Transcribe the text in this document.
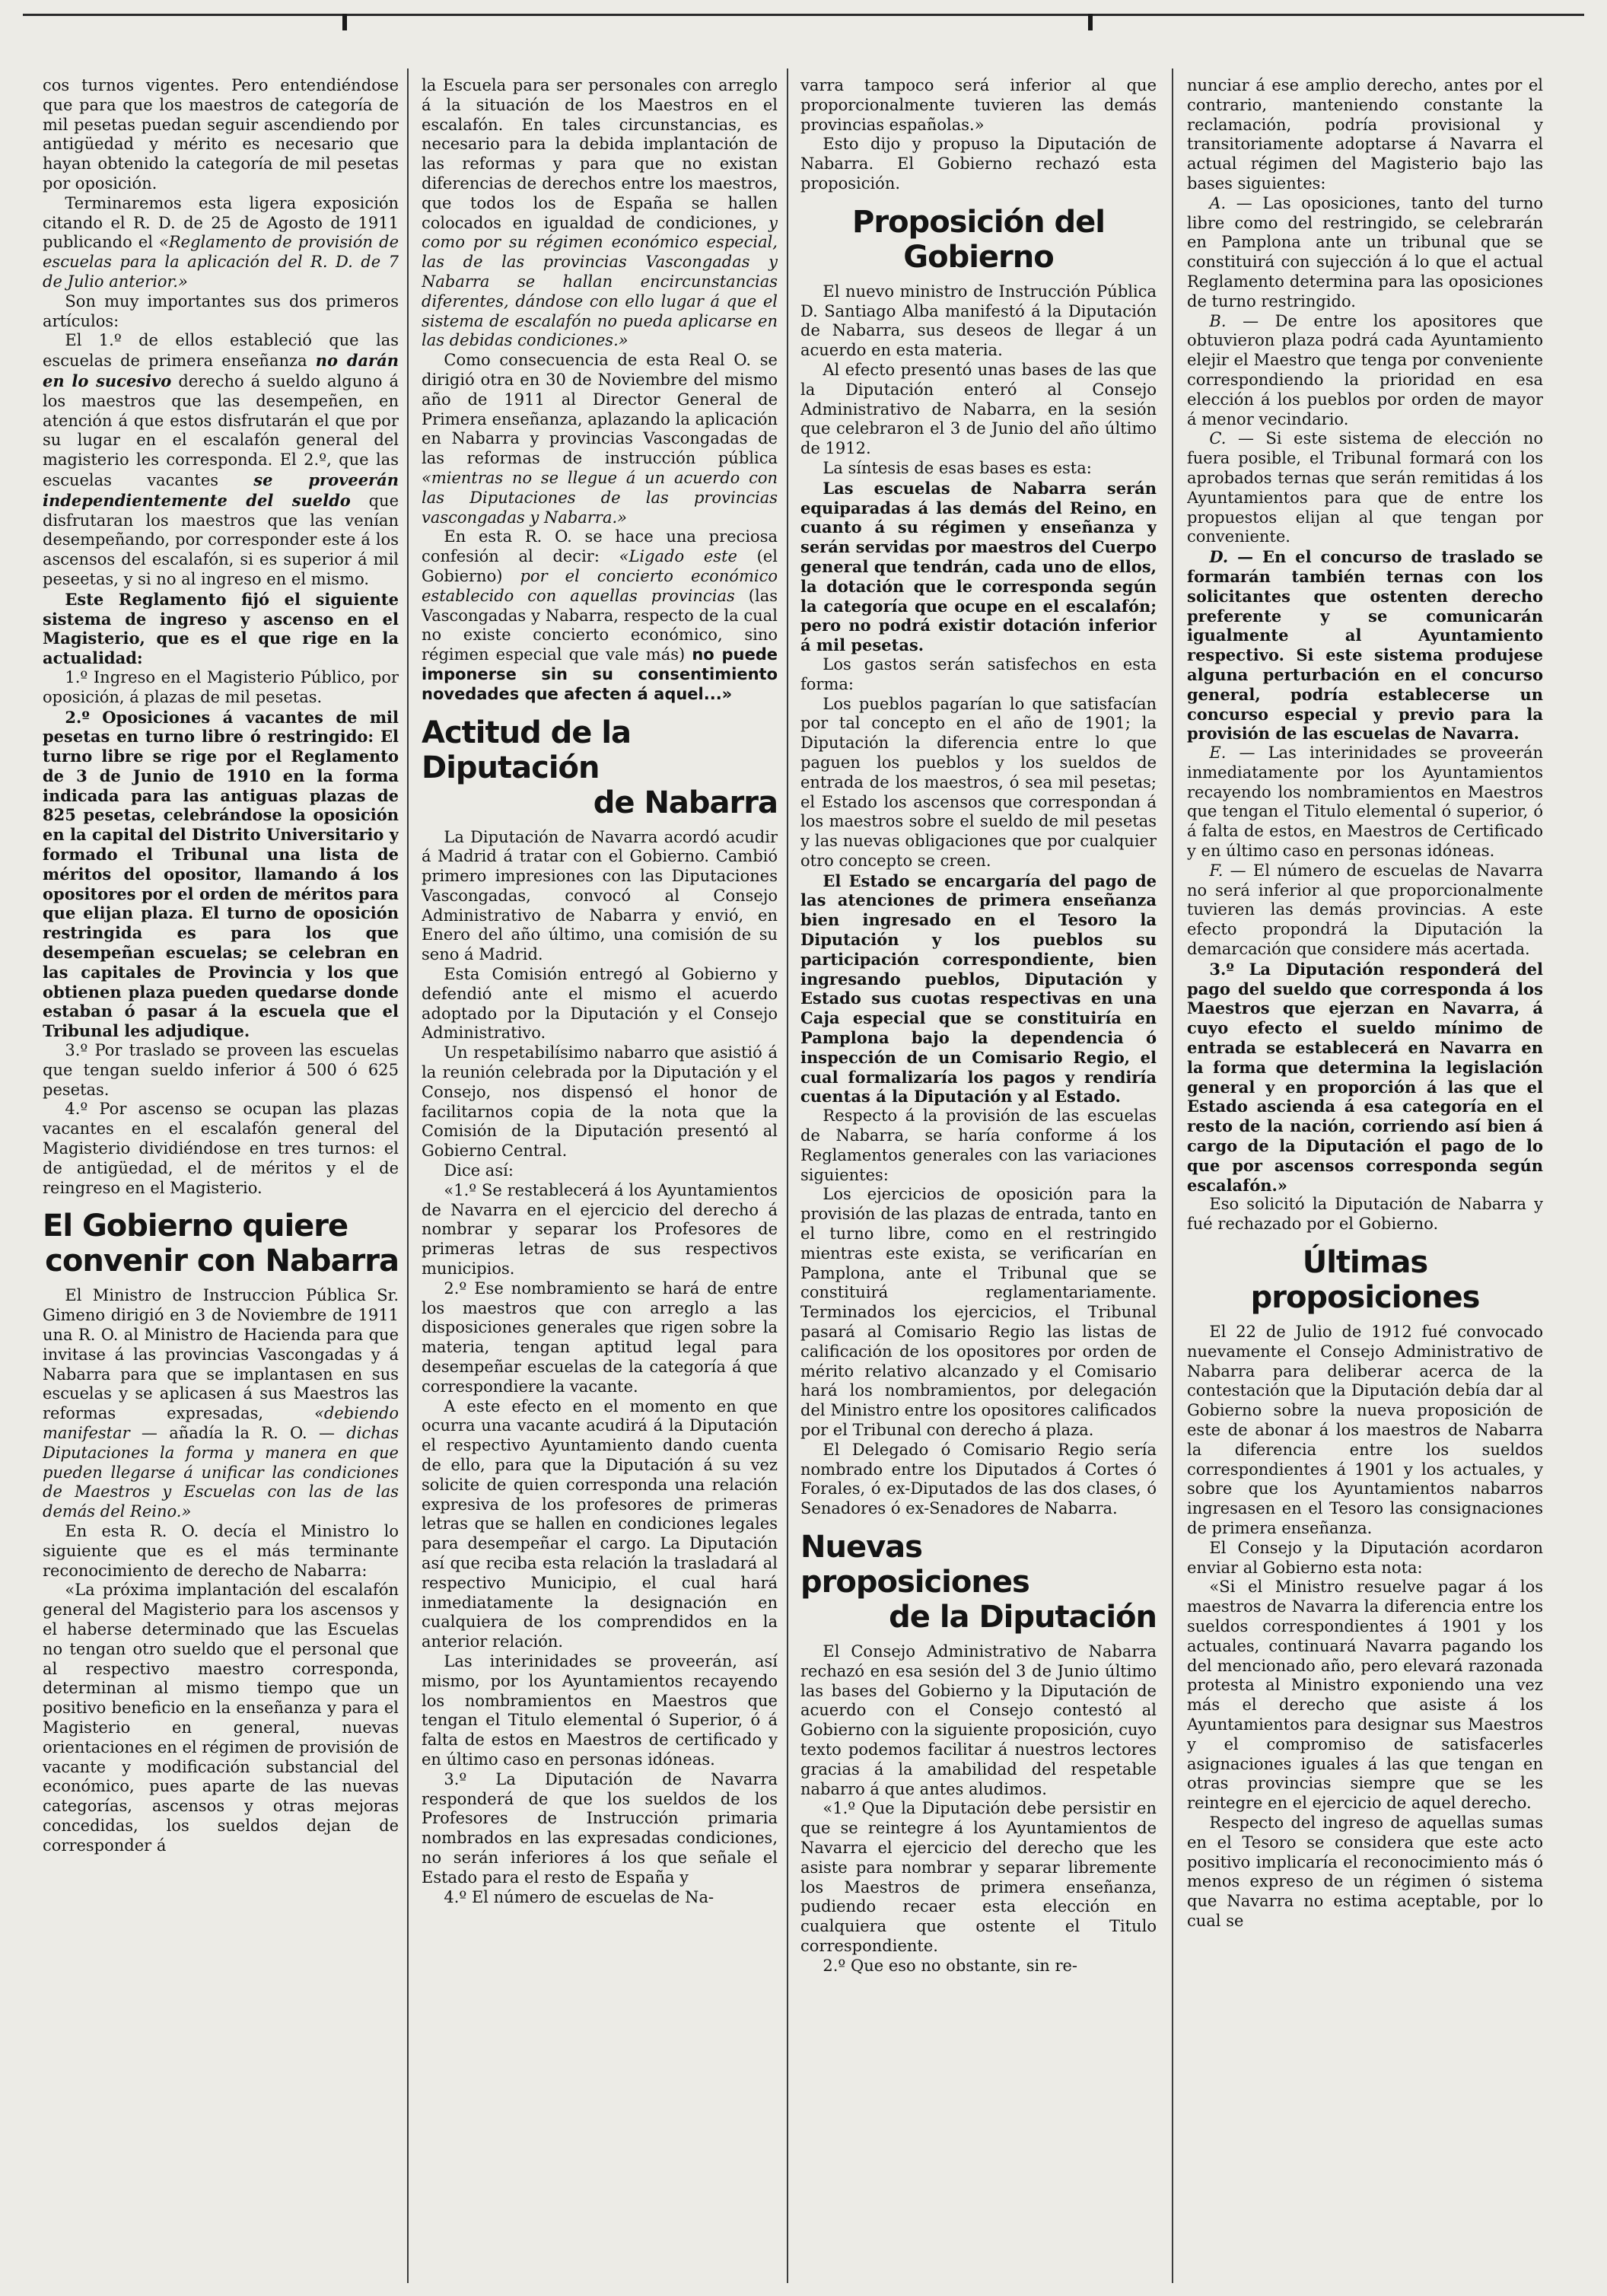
cos turnos vigentes. Pero entendiéndose que para que los maestros de categoría de mil pesetas puedan seguir ascendiendo por antigüedad y mérito es necesario que hayan obtenido la categoría de mil pesetas por oposición.

Terminaremos esta ligera exposición citando el R. D. de 25 de Agosto de 1911 publicando el «Reglamento de provisión de escuelas para la aplicación del R. D. de 7 de Julio anterior.»

Son muy importantes sus dos primeros artículos:

El 1.º de ellos estableció que las escuelas de primera enseñanza no darán en lo sucesivo derecho á sueldo alguno á los maestros que las desempeñen, en atención á que estos disfrutarán el que por su lugar en el escalafón general del magisterio les corresponda. El 2.º, que las escuelas vacantes se proveerán independientemente del sueldo que disfrutaran los maestros que las venían desempeñando, por corresponder este á los ascensos del escalafón, si es superior á mil peseetas, y si no al ingreso en el mismo.

Este Reglamento fijó el siguiente sistema de ingreso y ascenso en el Magisterio, que es el que rige en la actualidad:

1.º Ingreso en el Magisterio Público, por oposición, á plazas de mil pesetas.

2.º Oposiciones á vacantes de mil pesetas en turno libre ó restringido: El turno libre se rige por el Reglamento de 3 de Junio de 1910 en la forma indicada para las antiguas plazas de 825 pesetas, celebrándose la oposición en la capital del Distrito Universitario y formado el Tribunal una lista de méritos del opositor, llamando á los opositores por el orden de méritos para que elijan plaza. El turno de oposición restringida es para los que desempeñan escuelas; se celebran en las capitales de Provincia y los que obtienen plaza pueden quedarse donde estaban ó pasar á la escuela que el Tribunal les adjudique.

3.º Por traslado se proveen las escuelas que tengan sueldo inferior á 500 ó 625 pesetas.

4.º Por ascenso se ocupan las plazas vacantes en el escalafón general del Magisterio dividiéndose en tres turnos: el de antigüedad, el de méritos y el de reingreso en el Magisterio.

El Gobierno quiere
convenir con Nabarra

El Ministro de Instruccion Pública Sr. Gimeno dirigió en 3 de Noviembre de 1911 una R. O. al Ministro de Hacienda para que invitase á las provincias Vascongadas y á Nabarra para que se implantasen en sus escuelas y se aplicasen á sus Maestros las reformas expresadas, «debiendo manifestar — añadía la R. O. — dichas Diputaciones la forma y manera en que pueden llegarse á unificar las condiciones de Maestros y Escuelas con las de las demás del Reino.»

En esta R. O. decía el Ministro lo siguiente que es el más terminante reconocimiento de derecho de Nabarra:

«La próxima implantación del escalafón general del Magisterio para los ascensos y el haberse determinado que las Escuelas no tengan otro sueldo que el personal que al respectivo maestro corresponda, determinan al mismo tiempo que un positivo beneficio en la enseñanza y para el Magisterio en general, nuevas orientaciones en el régimen de provisión de vacante y modificación substancial del económico, pues aparte de las nuevas categorías, ascensos y otras mejoras concedidas, los sueldos dejan de corresponder á

la Escuela para ser personales con arreglo á la situación de los Maestros en el escalafón. En tales circunstancias, es necesario para la debida implantación de las reformas y para que no existan diferencias de derechos entre los maestros, que todos los de España se hallen colocados en igualdad de condiciones, y como por su régimen económico especial, las de las provincias Vascongadas y Nabarra se hallan encircunstancias diferentes, dándose con ello lugar á que el sistema de escalafón no pueda aplicarse en las debidas condiciones.»

Como consecuencia de esta Real O. se dirigió otra en 30 de Noviembre del mismo año de 1911 al Director General de Primera enseñanza, aplazando la aplicación en Nabarra y provincias Vascongadas de las reformas de instrucción pública «mientras no se llegue á un acuerdo con las Diputaciones de las provincias vascongadas y Nabarra.»

En esta R. O. se hace una preciosa confesión al decir: «Ligado este (el Gobierno) por el concierto económico establecido con aquellas provincias (las Vascongadas y Nabarra, respecto de la cual no existe concierto económico, sino régimen especial que vale más) no puede imponerse sin su consentimiento novedades que afecten á aquel...»

Actitud de la Diputación
de Nabarra

La Diputación de Navarra acordó acudir á Madrid á tratar con el Gobierno. Cambió primero impresiones con las Diputaciones Vascongadas, convocó al Consejo Administrativo de Nabarra y envió, en Enero del año último, una comisión de su seno á Madrid.

Esta Comisión entregó al Gobierno y defendió ante el mismo el acuerdo adoptado por la Diputación y el Consejo Administrativo.

Un respetabilísimo nabarro que asistió á la reunión celebrada por la Diputación y el Consejo, nos dispensó el honor de facilitarnos copia de la nota que la Comisión de la Diputación presentó al Gobierno Central.

Dice así:

«1.º Se restablecerá á los Ayuntamientos de Navarra en el ejercicio del derecho á nombrar y separar los Profesores de primeras letras de sus respectivos municipios.

2.º Ese nombramiento se hará de entre los maestros que con arreglo a las disposiciones generales que rigen sobre la materia, tengan aptitud legal para desempeñar escuelas de la categoría á que correspondiere la vacante.

A este efecto en el momento en que ocurra una vacante acudirá á la Diputación el respectivo Ayuntamiento dando cuenta de ello, para que la Diputación á su vez solicite de quien corresponda una relación expresiva de los profesores de primeras letras que se hallen en condiciones legales para desempeñar el cargo. La Diputación así que reciba esta relación la trasladará al respectivo Municipio, el cual hará inmediatamente la designación en cualquiera de los comprendidos en la anterior relación.

Las interinidades se proveerán, así mismo, por los Ayuntamientos recayendo los nombramientos en Maestros que tengan el Titulo elemental ó Superior, ó á falta de estos en Maestros de certificado y en último caso en personas idóneas.

3.º La Diputación de Navarra responderá de que los sueldos de los Profesores de Instrucción primaria nombrados en las expresadas condiciones, no serán inferiores á los que señale el Estado para el resto de España y

4.º El número de escuelas de Na-

varra tampoco será inferior al que proporcionalmente tuvieren las demás provincias españolas.»

Esto dijo y propuso la Diputación de Nabarra. El Gobierno rechazó esta proposición.

Proposición del Gobierno

El nuevo ministro de Instrucción Pública D. Santiago Alba manifestó á la Diputación de Nabarra, sus deseos de llegar á un acuerdo en esta materia.

Al efecto presentó unas bases de las que la Diputación enteró al Consejo Administrativo de Nabarra, en la sesión que celebraron el 3 de Junio del año último de 1912.

La síntesis de esas bases es esta:

Las escuelas de Nabarra serán equiparadas á las demás del Reino, en cuanto á su régimen y enseñanza y serán servidas por maestros del Cuerpo general que tendrán, cada uno de ellos, la dotación que le corresponda según la categoría que ocupe en el escalafón; pero no podrá existir dotación inferior á mil pesetas.

Los gastos serán satisfechos en esta forma:

Los pueblos pagarían lo que satisfacían por tal concepto en el año de 1901; la Diputación la diferencia entre lo que paguen los pueblos y los sueldos de entrada de los maestros, ó sea mil pesetas; el Estado los ascensos que correspondan á los maestros sobre el sueldo de mil pesetas y las nuevas obligaciones que por cualquier otro concepto se creen.

El Estado se encargaría del pago de las atenciones de primera enseñanza bien ingresado en el Tesoro la Diputación y los pueblos su participación correspondiente, bien ingresando pueblos, Diputación y Estado sus cuotas respectivas en una Caja especial que se constituiría en Pamplona bajo la dependencia ó inspección de un Comisario Regio, el cual formalizaría los pagos y rendiría cuentas á la Diputación y al Estado.

Respecto á la provisión de las escuelas de Nabarra, se haría conforme á los Reglamentos generales con las variaciones siguientes:

Los ejercicios de oposición para la provisión de las plazas de entrada, tanto en el turno libre, como en el restringido mientras este exista, se verificarían en Pamplona, ante el Tribunal que se constituirá reglamentariamente. Terminados los ejercicios, el Tribunal pasará al Comisario Regio las listas de calificación de los opositores por orden de mérito relativo alcanzado y el Comisario hará los nombramientos, por delegación del Ministro entre los opositores calificados por el Tribunal con derecho á plaza.

El Delegado ó Comisario Regio sería nombrado entre los Diputados á Cortes ó Forales, ó ex-Diputados de las dos clases, ó Senadores ó ex-Senadores de Nabarra.

Nuevas proposiciones
de la Diputación

El Consejo Administrativo de Nabarra rechazó en esa sesión del 3 de Junio último las bases del Gobierno y la Diputación de acuerdo con el Consejo contestó al Gobierno con la siguiente proposición, cuyo texto podemos facilitar á nuestros lectores gracias á la amabilidad del respetable nabarro á que antes aludimos.

«1.º Que la Diputación debe persistir en que se reintegre á los Ayuntamientos de Navarra el ejercicio del derecho que les asiste para nombrar y separar libremente los Maestros de primera enseñanza, pudiendo recaer esta elección en cualquiera que ostente el Titulo correspondiente.

2.º Que eso no obstante, sin re-

nunciar á ese amplio derecho, antes por el contrario, manteniendo constante la reclamación, podría provisional y transitoriamente adoptarse á Navarra el actual régimen del Magisterio bajo las bases siguientes:

A. — Las oposiciones, tanto del turno libre como del restringido, se celebrarán en Pamplona ante un tribunal que se constituirá con sujección á lo que el actual Reglamento determina para las oposiciones de turno restringido.

B. — De entre los apositores que obtuvieron plaza podrá cada Ayuntamiento elejir el Maestro que tenga por conveniente correspondiendo la prioridad en esa elección á los pueblos por orden de mayor á menor vecindario.

C. — Si este sistema de elección no fuera posible, el Tribunal formará con los aprobados ternas que serán remitidas á los Ayuntamientos para que de entre los propuestos elijan al que tengan por conveniente.

D. — En el concurso de traslado se formarán también ternas con los solicitantes que ostenten derecho preferente y se comunicarán igualmente al Ayuntamiento respectivo. Si este sistema produjese alguna perturbación en el concurso general, podría establecerse un concurso especial y previo para la provisión de las escuelas de Navarra.

E. — Las interinidades se proveerán inmediatamente por los Ayuntamientos recayendo los nombramientos en Maestros que tengan el Titulo elemental ó superior, ó á falta de estos, en Maestros de Certificado y en último caso en personas idóneas.

F. — El número de escuelas de Navarra no será inferior al que proporcionalmente tuvieren las demás provincias. A este efecto propondrá la Diputación la demarcación que considere más acertada.

3.º La Diputación responderá del pago del sueldo que corresponda á los Maestros que ejerzan en Navarra, á cuyo efecto el sueldo mínimo de entrada se establecerá en Navarra en la forma que determina la legislación general y en proporción á las que el Estado ascienda á esa categoría en el resto de la nación, corriendo así bien á cargo de la Diputación el pago de lo que por ascensos correspondа según escalafón.»

Eso solicitó la Diputación de Nabarra y fué rechazado por el Gobierno.

Últimas proposiciones

El 22 de Julio de 1912 fué convocado nuevamente el Consejo Administrativo de Nabarra para deliberar acerca de la contestación que la Diputación debía dar al Gobierno sobre la nueva proposición de este de abonar á los maestros de Nabarra la diferencia entre los sueldos correspondientes á 1901 y los actuales, y sobre que los Ayuntamientos nabarros ingresasen en el Tesoro las consignaciones de primera enseñanza.

El Consejo y la Diputación acordaron enviar al Gobierno esta nota:

«Si el Ministro resuelve pagar á los maestros de Navarra la diferencia entre los sueldos correspondientes á 1901 y los actuales, continuará Navarra pagando los del mencionado año, pero elevará razonada protesta al Ministro exponiendo una vez más el derecho que asiste á los Ayuntamientos para designar sus Maestros y el compromiso de satisfacerles asignaciones iguales á las que tengan en otras provincias siempre que se les reintegre en el ejercicio de aquel derecho.

Respecto del ingreso de aquellas sumas en el Tesoro se considera que este acto positivo implicaría el reconocimiento más ó menos expreso de un régimen ó sistema que Navarra no estima aceptable, por lo cual se
